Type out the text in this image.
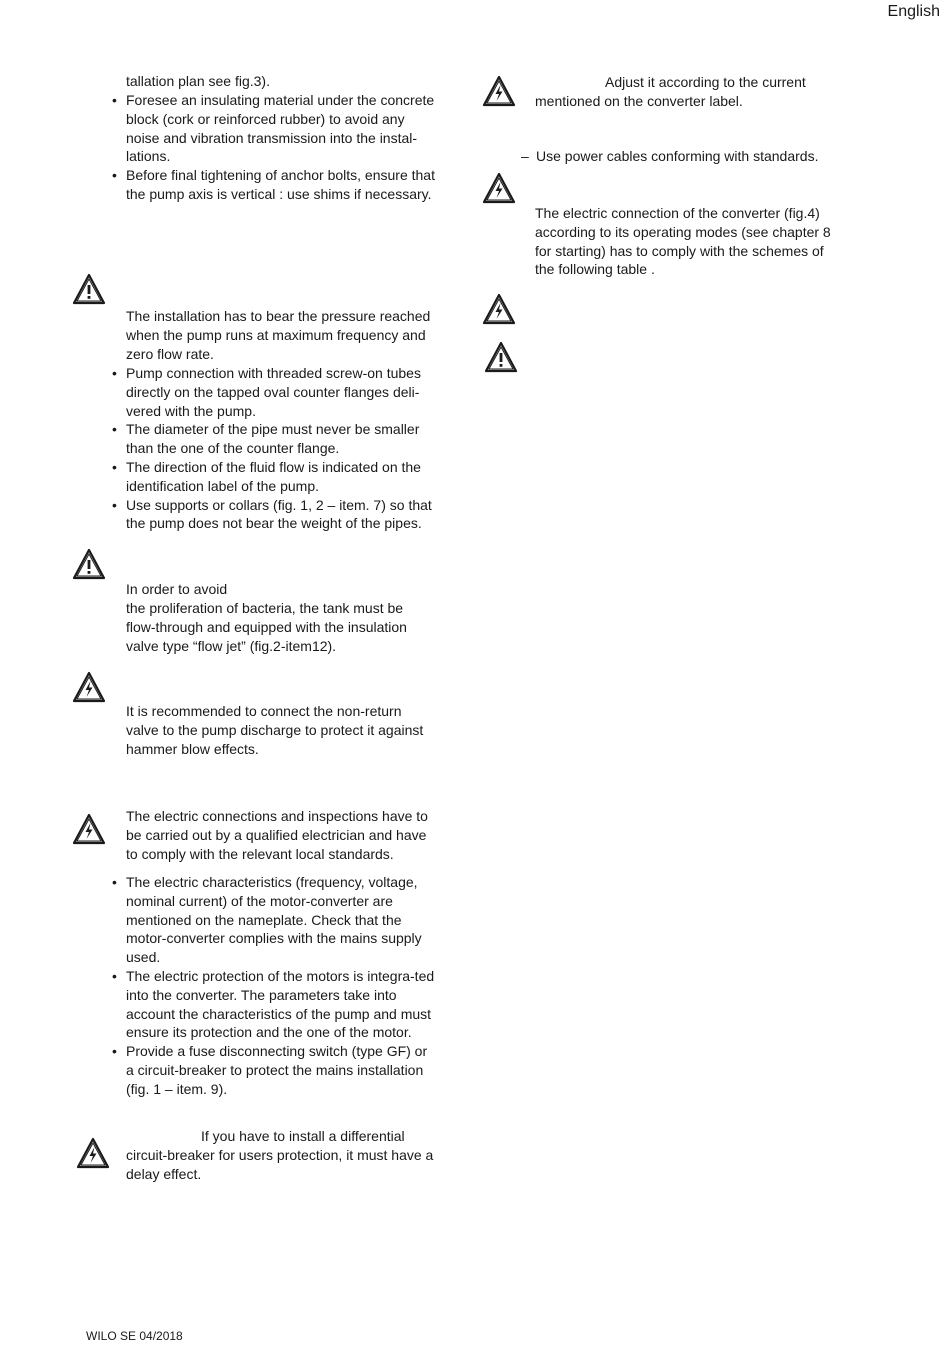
English
WILO SE 04/2018

tallation plan see fig.3).

• Foresee an insulating material under the concrete block (cork or reinforced rubber) to avoid any noise and vibration transmission into the instal-lations.
• Before final tightening of anchor bolts, ensure that the pump axis is vertical : use shims if necessary.

The installation has to bear the pressure reached when the pump runs at maximum frequency and zero flow rate.

• Pump connection with threaded screw-on tubes directly on the tapped oval counter flanges deli-vered with the pump.
• The diameter of the pipe must never be smaller than the one of the counter flange.
• The direction of the fluid flow is indicated on the identification label of the pump.
• Use supports or collars (fig. 1, 2 – item. 7) so that the pump does not bear the weight of the pipes.

In order to avoid

the proliferation of bacteria, the tank must be flow-through and equipped with the insulation valve type “flow jet” (fig.2-item12).

It is recommended to connect the non-return valve to the pump discharge to protect it against hammer blow effects.

The electric connections and inspections have to be carried out by a qualified electrician and have to comply with the relevant local standards.

• The electric characteristics (frequency, voltage, nominal current) of the motor-converter are mentioned on the nameplate. Check that the motor-converter complies with the mains supply used.
• The electric protection of the motors is integra-ted into the converter. The parameters take into account the characteristics of the pump and must ensure its protection and the one of the motor.
• Provide a fuse disconnecting switch (type GF) or a circuit-breaker to protect the mains installation (fig. 1 – item. 9).

If you have to install a differential circuit-breaker for users protection, it must have a delay effect.

Adjust it according to the current mentioned on the converter label.

– Use power cables conforming with standards.

The electric connection of the converter (fig.4) according to its operating modes (see chapter 8 for starting) has to comply with the schemes of the following table .
